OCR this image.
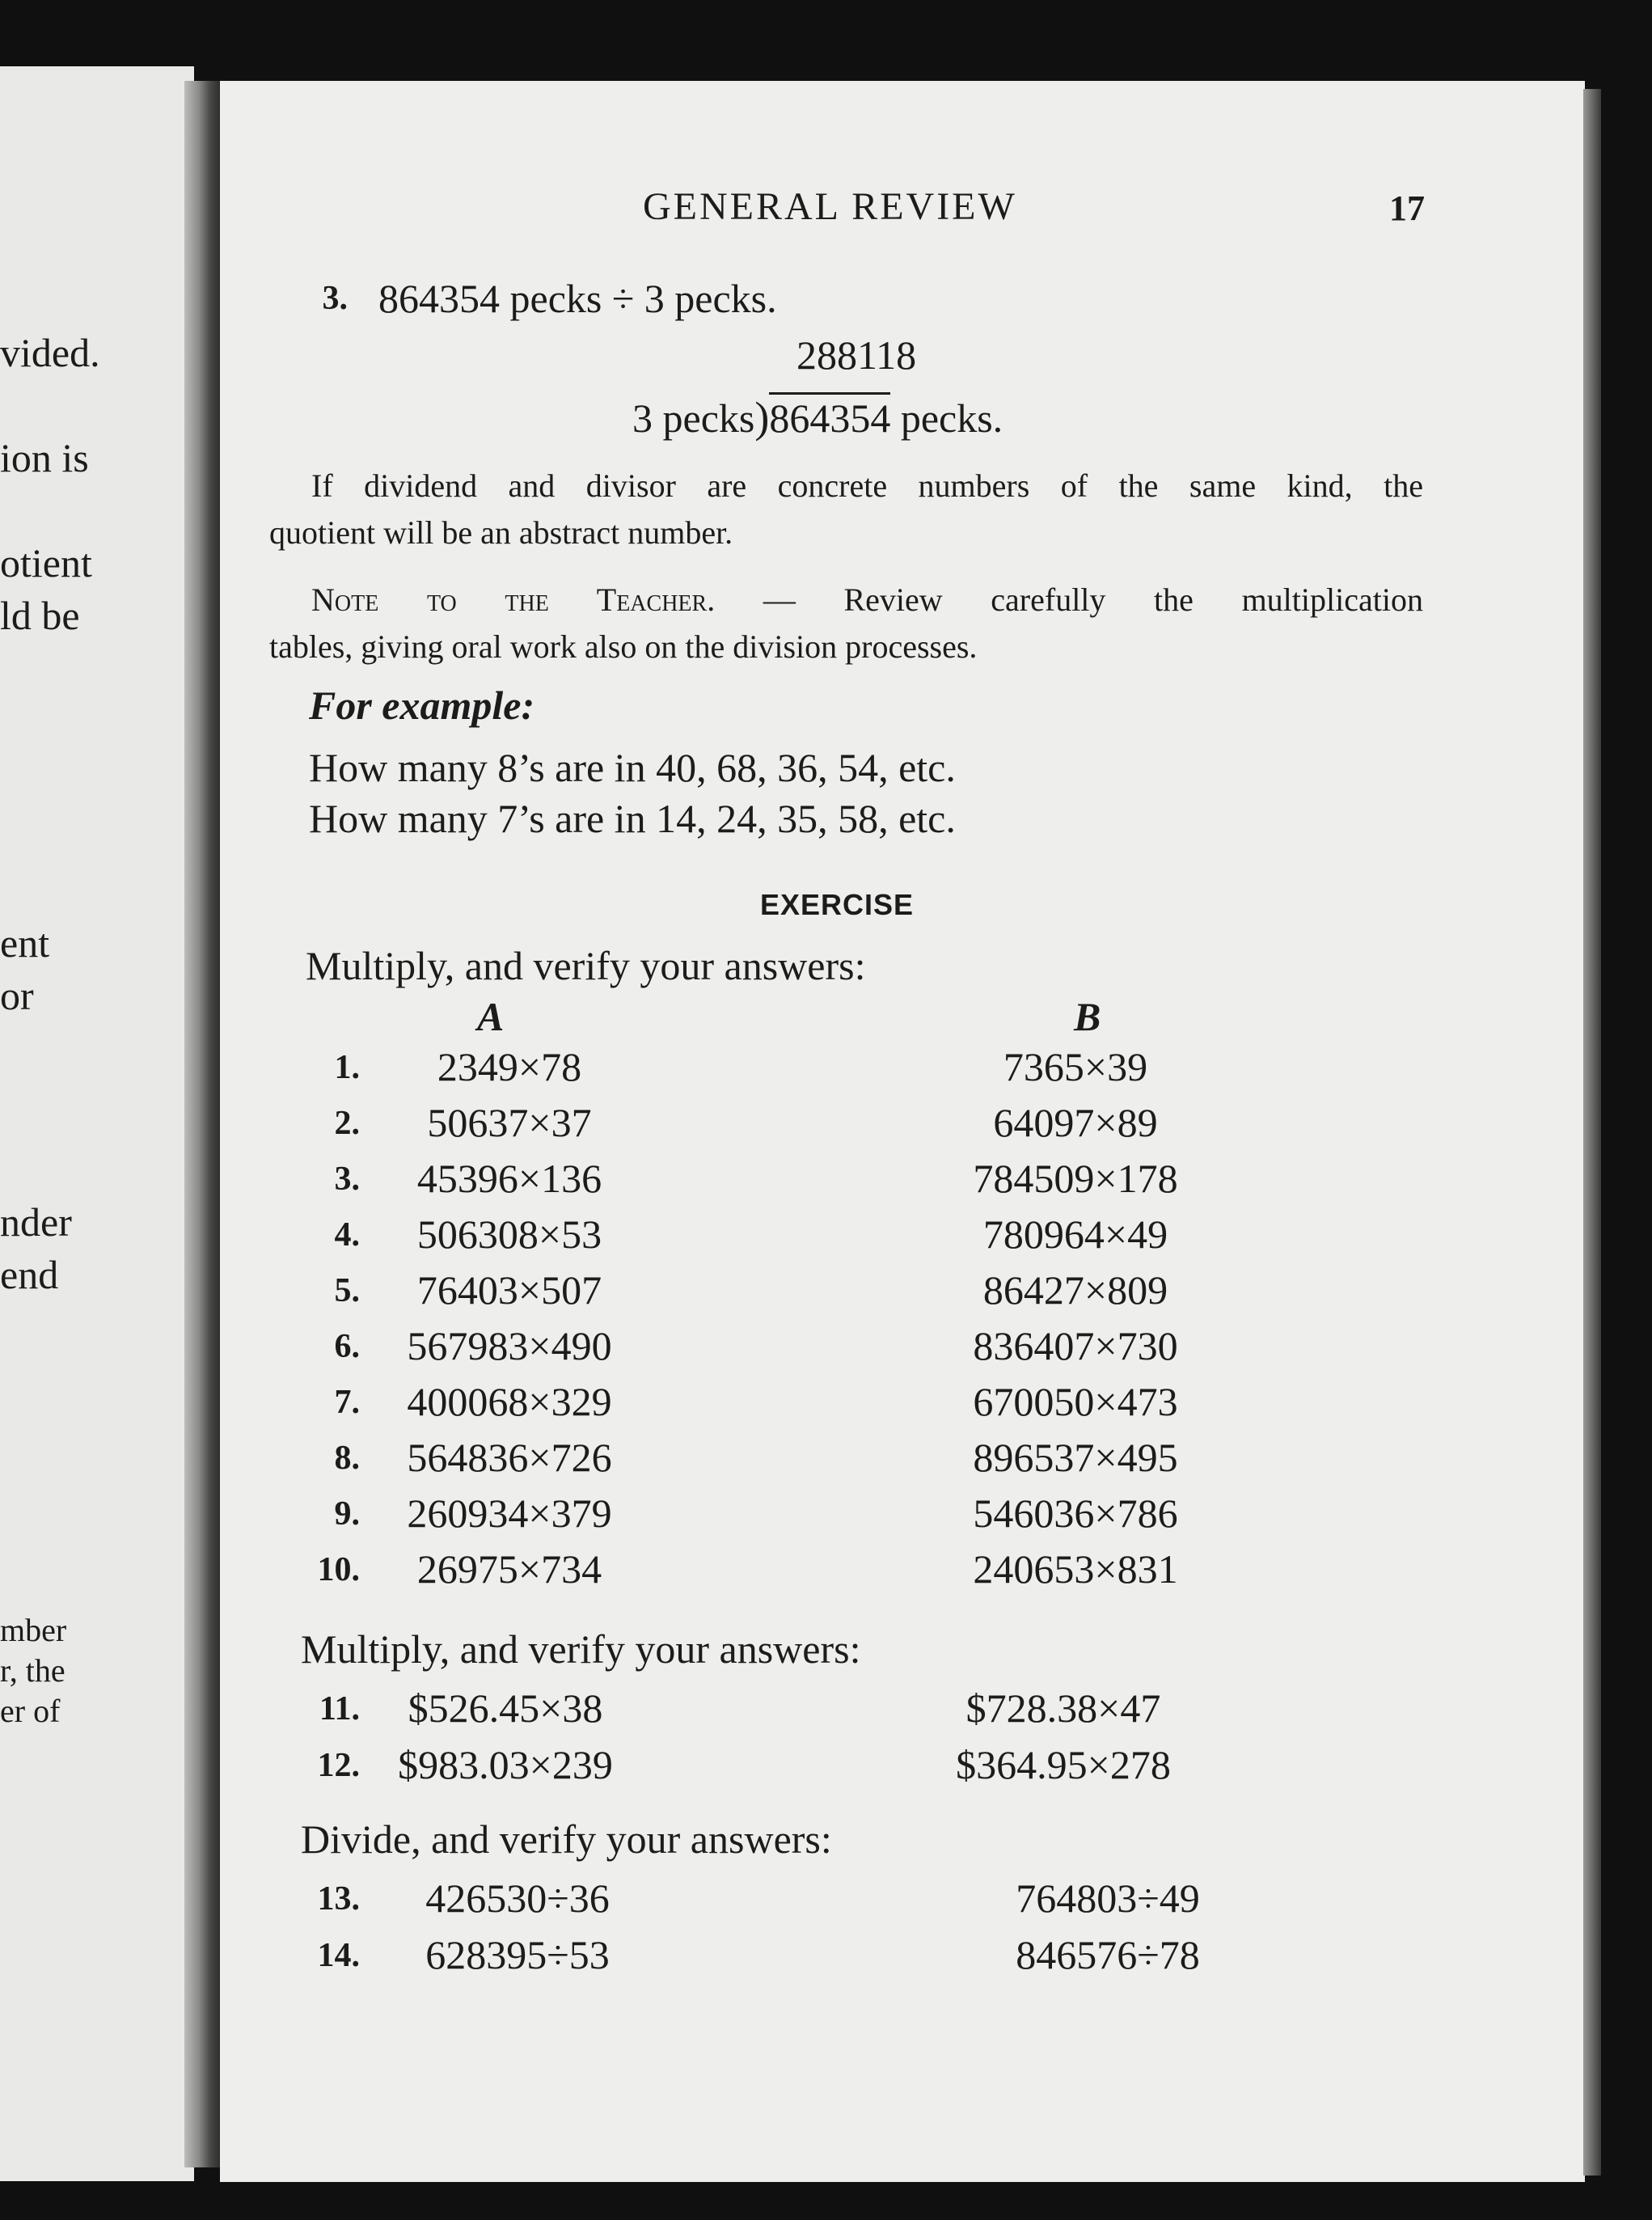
vided.
ion is
otient
ld be
ent
or
nder
end
mber
r, the
er of
GENERAL REVIEW	17
3. 864354 pecks ÷ 3 pecks.
288118
3 pecks)864354 pecks.
If dividend and divisor are concrete numbers of the same kind, the
quotient will be an abstract number.
Note to the Teacher. — Review carefully the multiplication
tables, giving oral work also on the division processes.
For example:
How many 8’s are in 40, 68, 36, 54, etc.
How many 7’s are in 14, 24, 35, 58, etc.
EXERCISE
Multiply, and verify your answers:
A	B
1.	2349×78	7365×39
2.	50637×37	64097×89
3.	45396×136	784509×178
4.	506308×53	780964×49
5.	76403×507	86427×809
6.	567983×490	836407×730
7.	400068×329	670050×473
8.	564836×726	896537×495
9.	260934×379	546036×786
10.	26975×734	240653×831
Multiply, and verify your answers:
11.	$526.45×38	$728.38×47
12. $983.03×239	$364.95×278
Divide, and verify your answers:
13.	426530÷36	764803÷49
14.	628395÷53	846576÷78
